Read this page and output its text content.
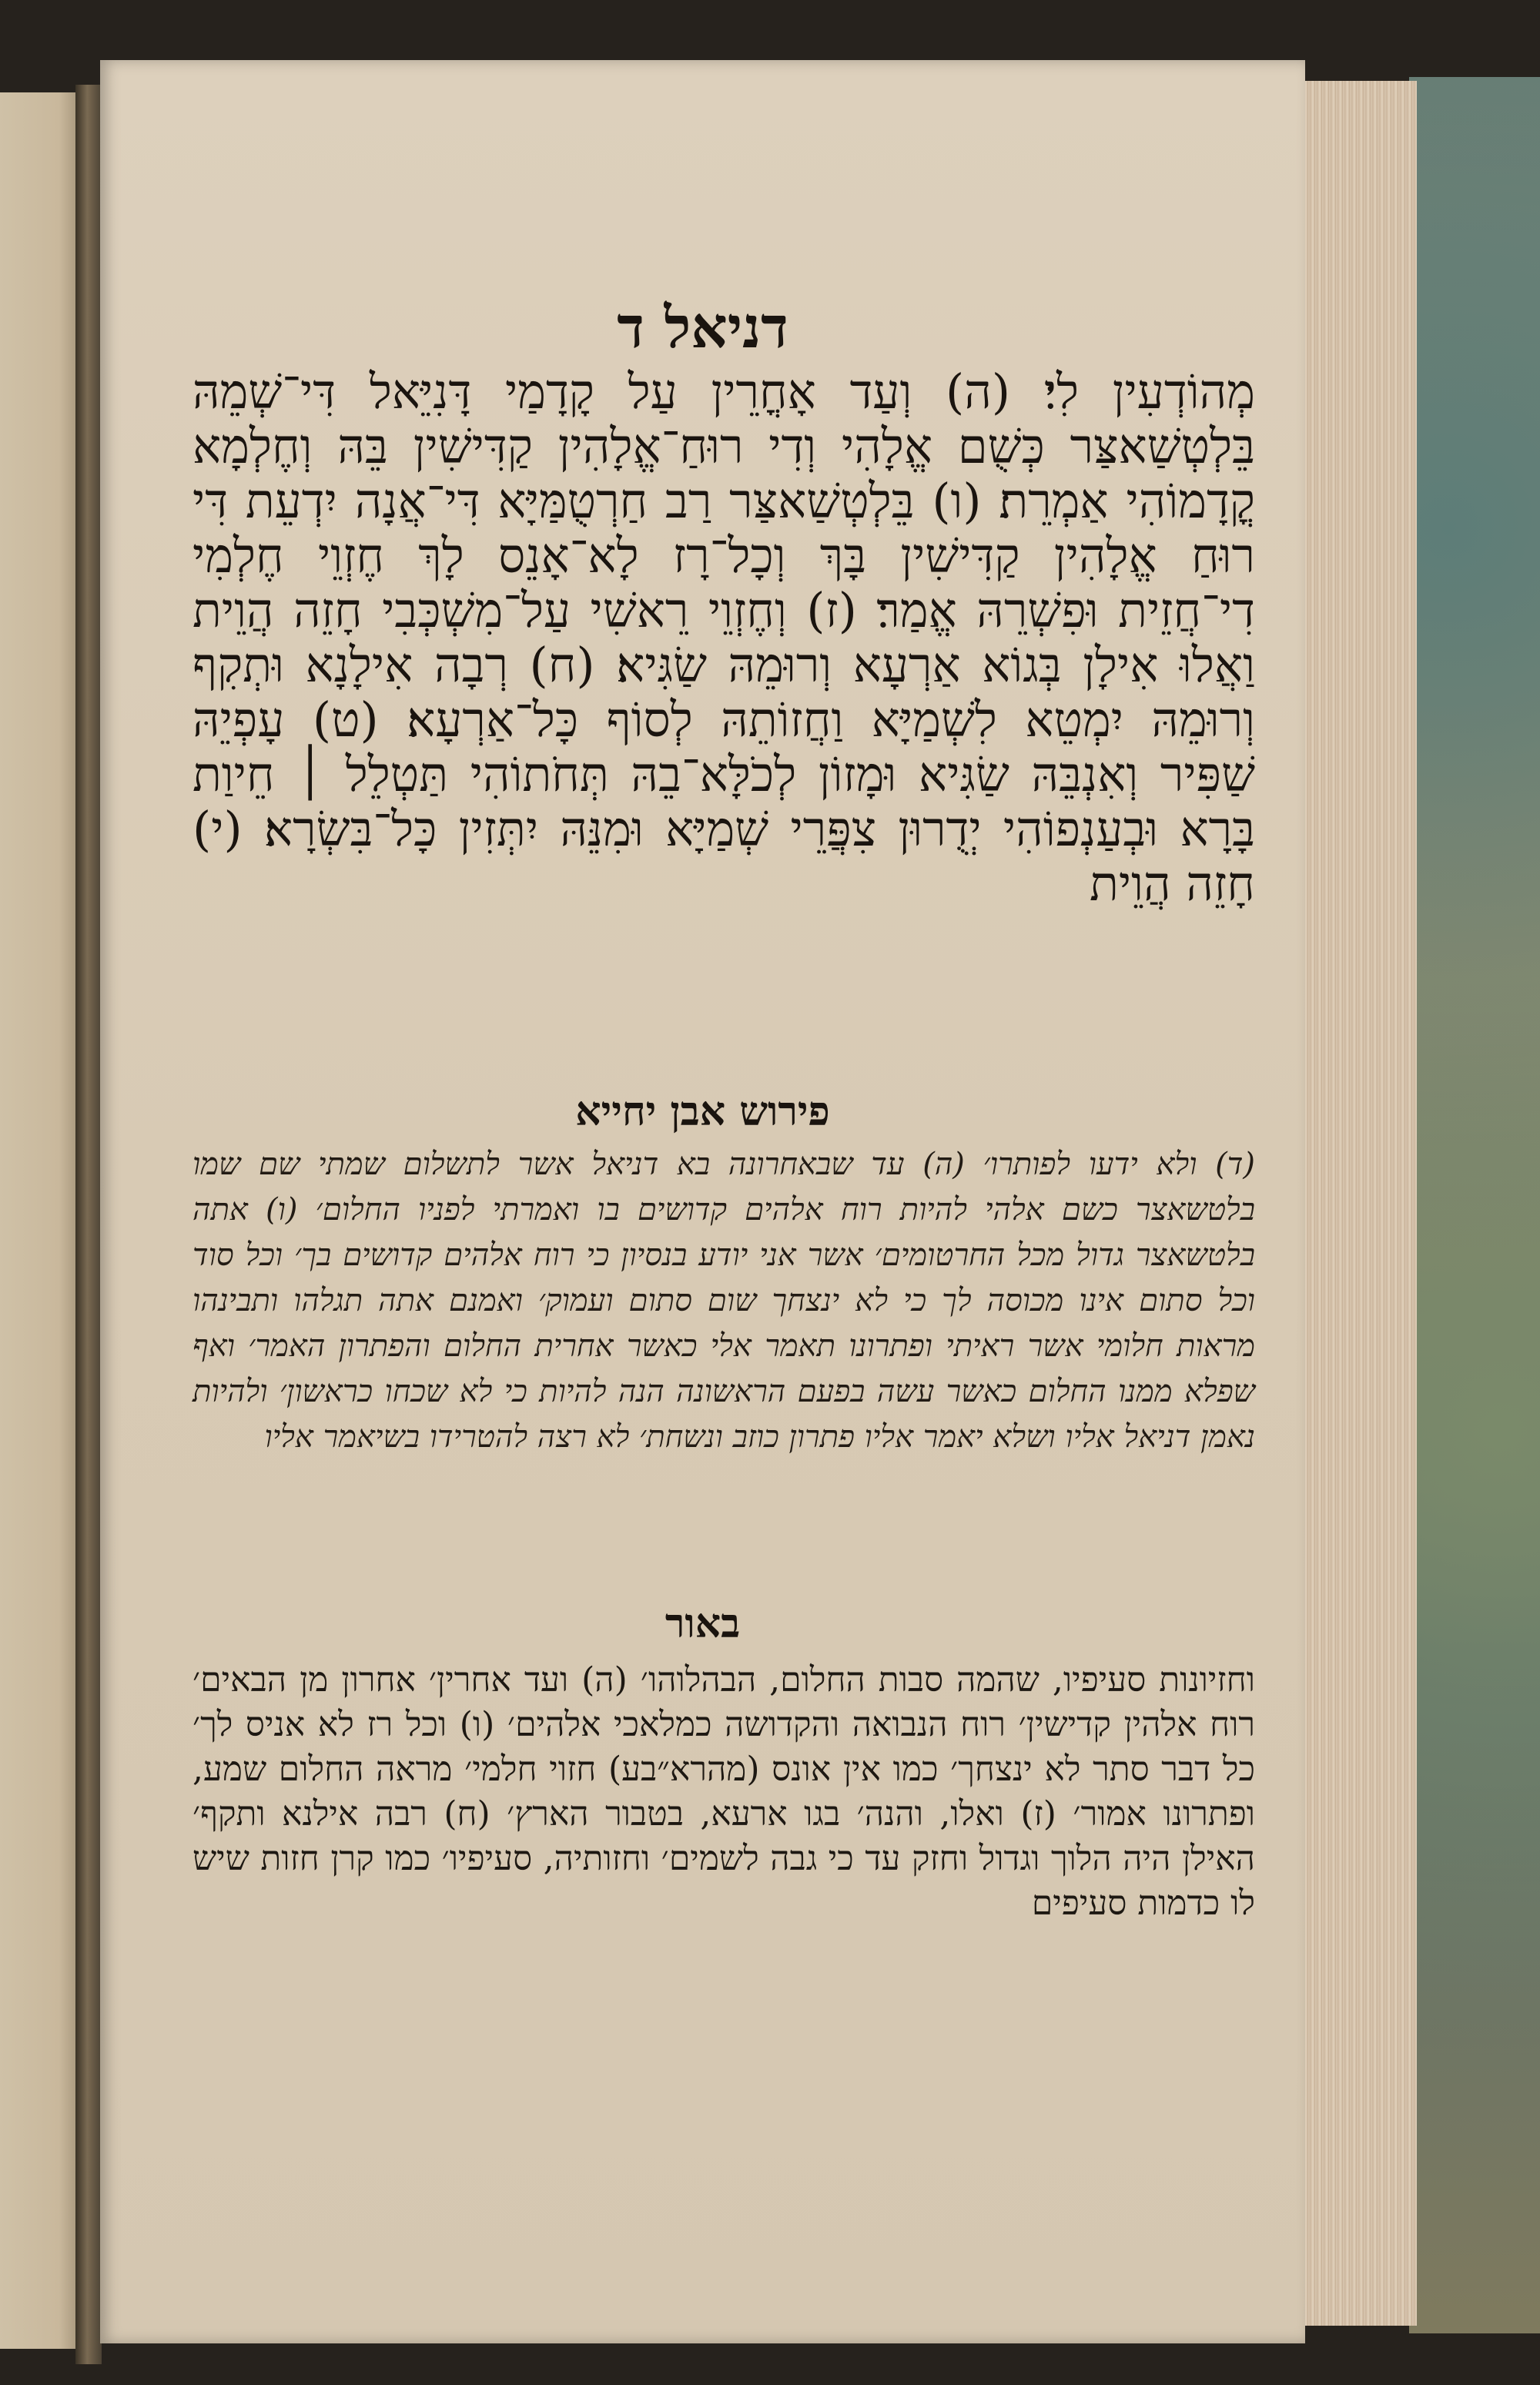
דניאל ד

מְהוֹדְעִין לִי׃ (ה) וְעַד אָחֳרֵין עַל קָדָמַי דָּנִיֵּאל דִּי־שְׁמֵהּ בֵּלְטְשַׁאצַּר כְּשֻׁם אֱלָהִי וְדִי רוּחַ־אֱלָהִין קַדִּישִׁין בֵּהּ וְחֶלְמָא קֳדָמוֹהִי אַמְרֵת׃ (ו) בֵּלְטְשַׁאצַּר רַב חַרְטֻמַּיָּא דִּי־אֲנָה יִדְעֵת דִּי רוּחַ אֱלָהִין קַדִּישִׁין בָּךְ וְכָל־רָז לָא־אָנֵס לָךְ חֶזְוֵי חֶלְמִי דִי־חֲזֵית וּפִשְׁרֵהּ אֱמַר׃ (ז) וְחֶזְוֵי רֵאשִׁי עַל־מִשְׁכְּבִי חָזֵה הֲוֵית וַאֲלוּ אִילָן בְּגוֹא אַרְעָא וְרוּמֵהּ שַׂגִּיא׃ (ח) רְבָה אִילָנָא וּתְקִף וְרוּמֵהּ יִמְטֵא לִשְׁמַיָּא וַחֲזוֹתֵהּ לְסוֹף כָּל־אַרְעָא׃ (ט) עָפְיֵהּ שַׁפִּיר וְאִנְבֵּהּ שַׂגִּיא וּמָזוֹן לְכֹלָּא־בֵהּ תְּחֹתוֹהִי תַּטְלֵל ׀ חֵיוַת בָּרָא וּבְעַנְפוֹהִי יְדֻרוּן צִפֲּרֵי שְׁמַיָּא וּמִנֵּהּ יִתְּזִין כָּל־בִּשְׂרָא׃ (י) חָזֵה הֲוֵית

פירוש אבן יחייא

(ד) ולא ידעו לפותרו׳ (ה) עד שבאחרונה בא דניאל אשר לתשלום שמתי שם שמו בלטשאצר כשם אלהי להיות רוח אלהים קדושים בו ואמרתי לפניו החלום׳ (ו) אתה בלטשאצר גדול מכל החרטומים׳ אשר אני יודע בנסיון כי רוח אלהים קדושים בך׳ וכל סוד וכל סתום אינו מכוסה לך כי לא ינצחך שום סתום ועמוק׳ ואמנם אתה תגלהו ותבינהו מראות חלומי אשר ראיתי ופתרונו תאמר אלי כאשר אחרית החלום והפתרון האמר׳ ואף שפלא ממנו החלום כאשר עשה בפעם הראשונה הנה להיות כי לא שכחו כראשון׳ ולהיות נאמן דניאל אליו ושלא יאמר אליו פתרון כוזב ונשחת׳ לא רצה להטרידו בשיאמר אליו

באור

וחזיונות סעיפיו, שהמה סבות החלום, הבהלוהו׳ (ה) ועד אחרין׳ אחרון מן הבאים׳ רוח אלהין קדישין׳ רוח הנבואה והקדושה כמלאכי אלהים׳ (ו) וכל רז לא אניס לך׳ כל דבר סתר לא ינצחך׳ כמו אין אונס (מהרא״בע) חזוי חלמי׳ מראה החלום שמע, ופתרונו אמור׳ (ז) ואלו, והנה׳ בגו ארעא, בטבור הארץ׳ (ח) רבה אילנא ותקף׳ האילן היה הלוך וגדול וחזק עד כי גבה לשמים׳ וחזותיה, סעיפיו׳ כמו קרן חזות שיש לו כדמות סעיפים
